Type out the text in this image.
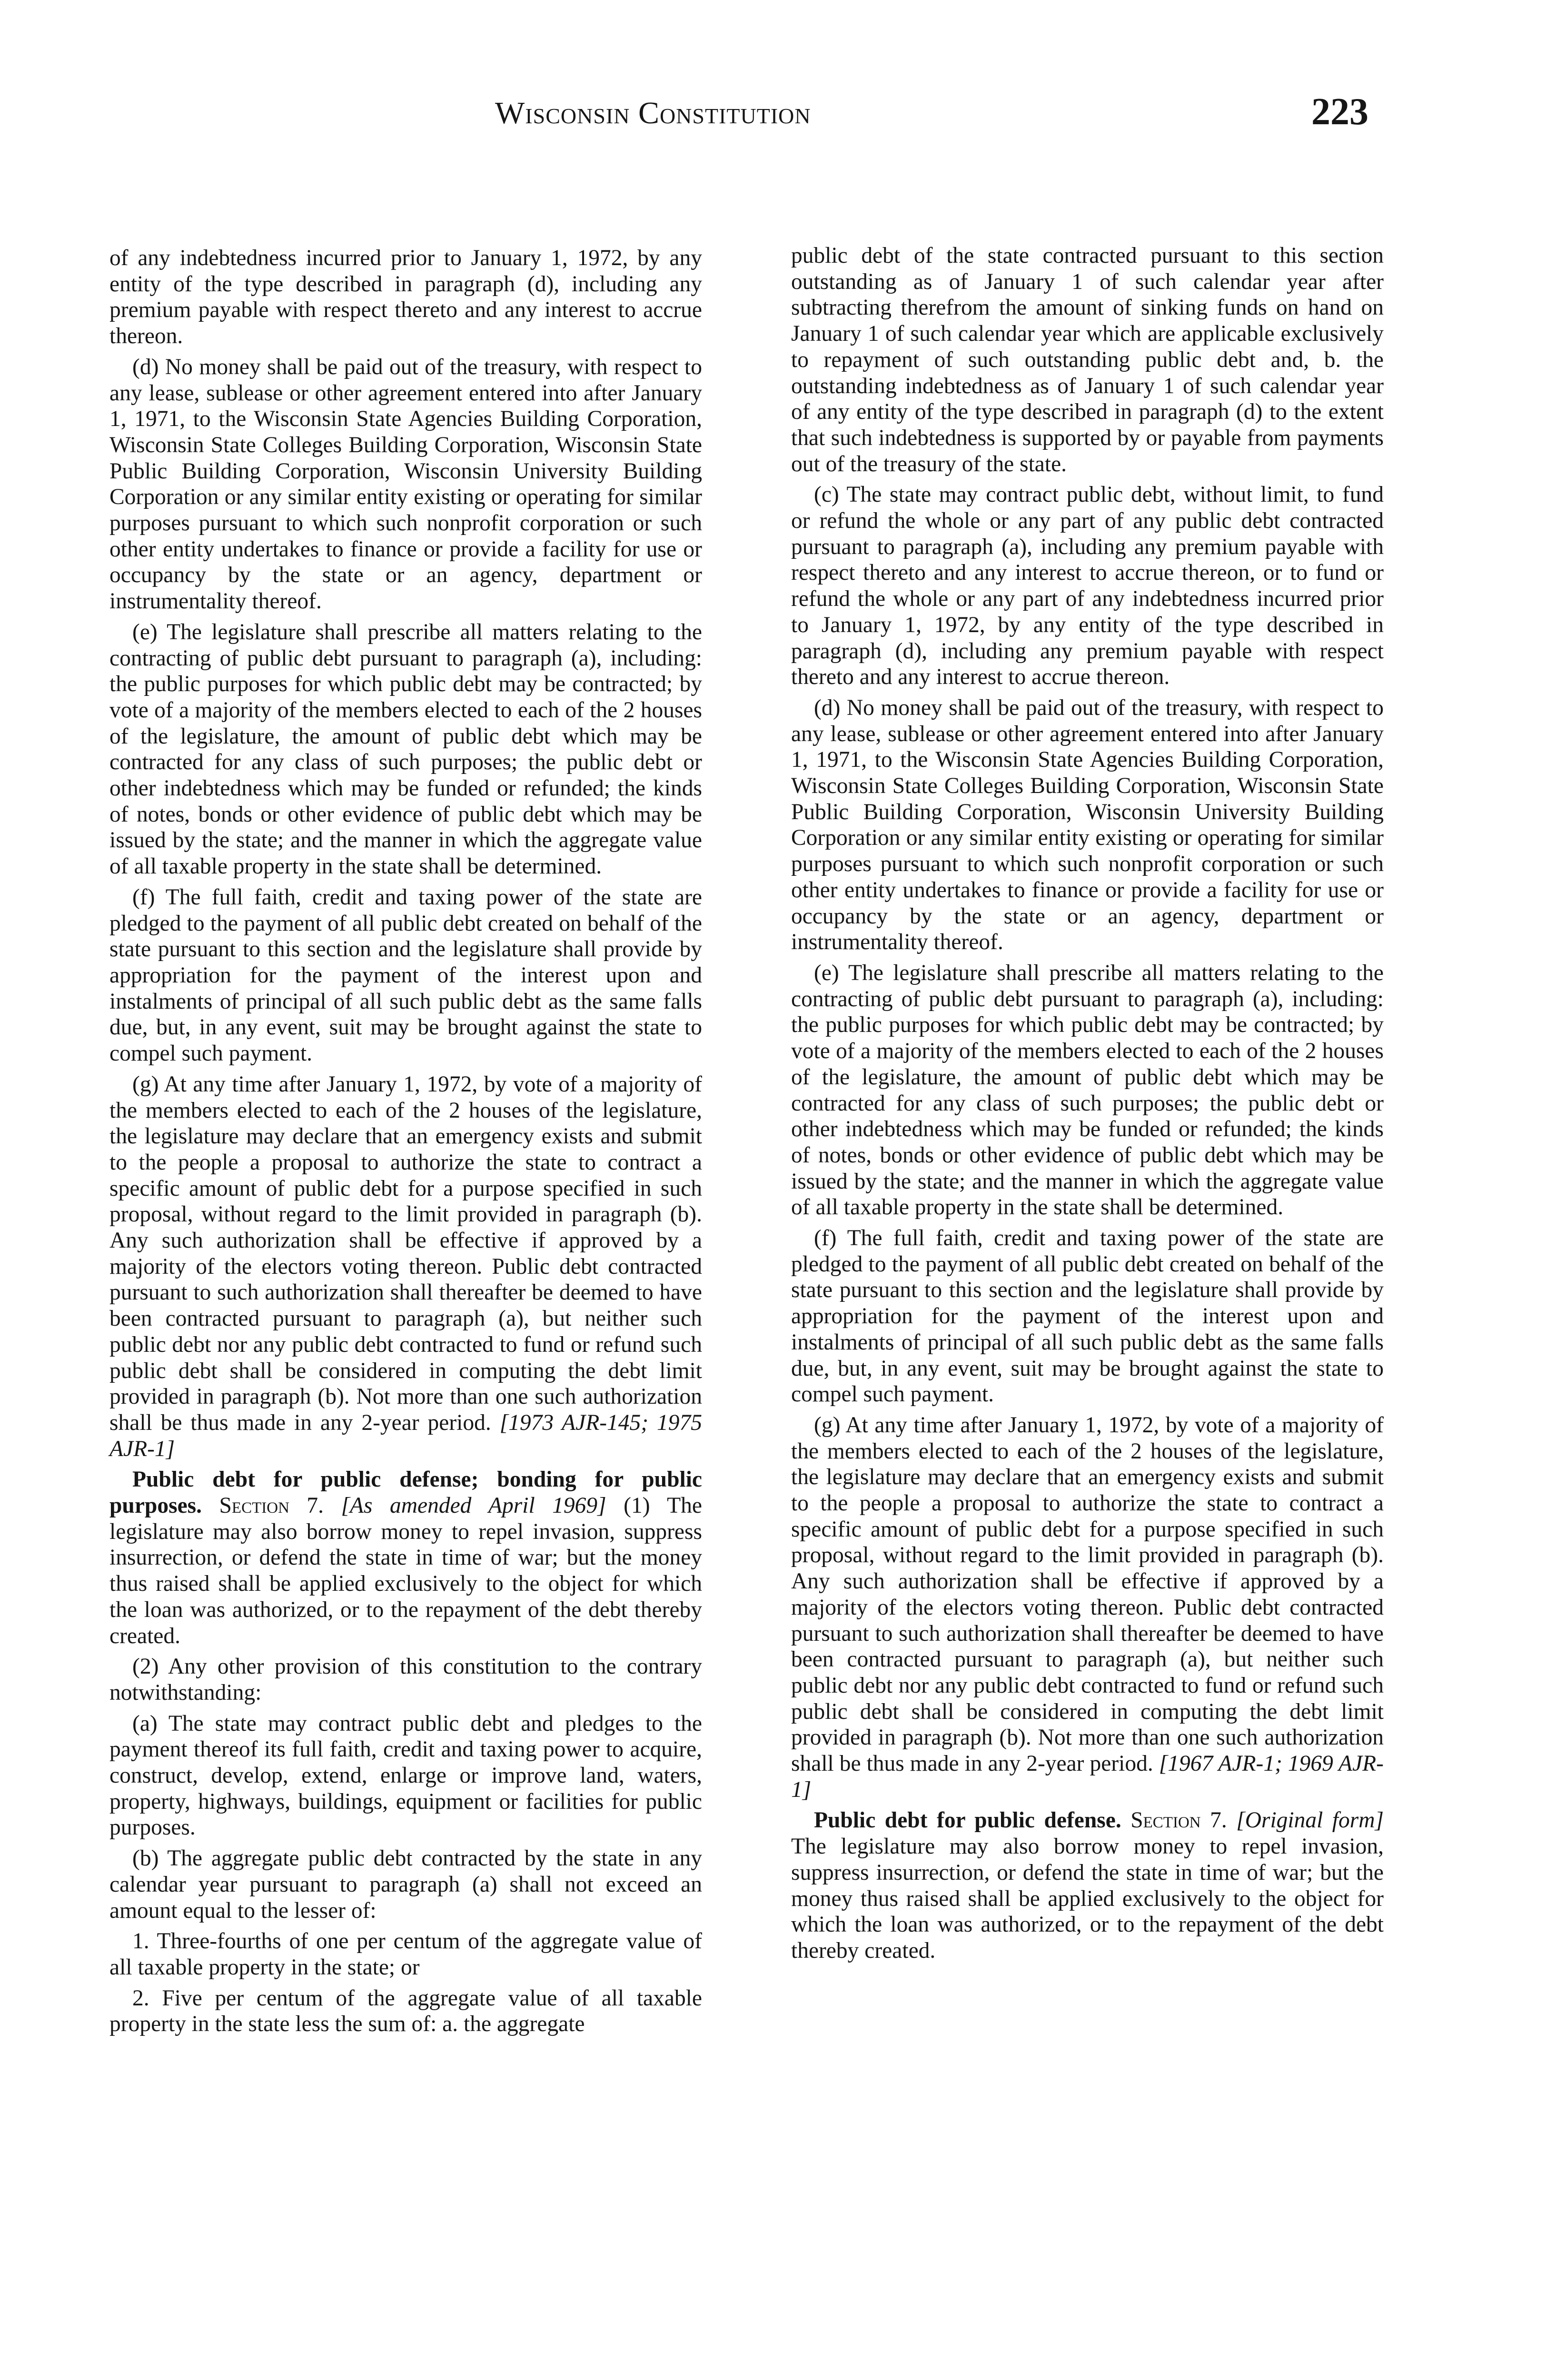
Wisconsin Constitution	223

of any indebtedness incurred prior to January 1, 1972, by any entity of the type described in paragraph (d), including any premium payable with respect thereto and any interest to accrue thereon.

(d) No money shall be paid out of the treasury, with respect to any lease, sublease or other agreement entered into after January 1, 1971, to the Wisconsin State Agencies Building Corporation, Wisconsin State Colleges Building Corporation, Wisconsin State Public Building Corporation, Wisconsin University Building Corporation or any similar entity existing or operating for similar purposes pursuant to which such nonprofit corporation or such other entity undertakes to finance or provide a facility for use or occupancy by the state or an agency, department or instrumentality thereof.

(e) The legislature shall prescribe all matters relating to the contracting of public debt pursuant to paragraph (a), including: the public purposes for which public debt may be contracted; by vote of a majority of the members elected to each of the 2 houses of the legislature, the amount of public debt which may be contracted for any class of such purposes; the public debt or other indebtedness which may be funded or refunded; the kinds of notes, bonds or other evidence of public debt which may be issued by the state; and the manner in which the aggregate value of all taxable property in the state shall be determined.

(f) The full faith, credit and taxing power of the state are pledged to the payment of all public debt created on behalf of the state pursuant to this section and the legislature shall provide by appropriation for the payment of the interest upon and instalments of principal of all such public debt as the same falls due, but, in any event, suit may be brought against the state to compel such payment.

(g) At any time after January 1, 1972, by vote of a majority of the members elected to each of the 2 houses of the legislature, the legislature may declare that an emergency exists and submit to the people a proposal to authorize the state to contract a specific amount of public debt for a purpose specified in such proposal, without regard to the limit provided in paragraph (b). Any such authorization shall be effective if approved by a majority of the electors voting thereon. Public debt contracted pursuant to such authorization shall thereafter be deemed to have been contracted pursuant to paragraph (a), but neither such public debt nor any public debt contracted to fund or refund such public debt shall be considered in computing the debt limit provided in paragraph (b). Not more than one such authorization shall be thus made in any 2-year period. [1973 AJR-145; 1975 AJR-1]

Public debt for public defense; bonding for public purposes. Section 7. [As amended April 1969] (1) The legislature may also borrow money to repel invasion, suppress insurrection, or defend the state in time of war; but the money thus raised shall be applied exclusively to the object for which the loan was authorized, or to the repayment of the debt thereby created.

(2) Any other provision of this constitution to the contrary notwithstanding:

(a) The state may contract public debt and pledges to the payment thereof its full faith, credit and taxing power to acquire, construct, develop, extend, enlarge or improve land, waters, property, highways, buildings, equipment or facilities for public purposes.

(b) The aggregate public debt contracted by the state in any calendar year pursuant to paragraph (a) shall not exceed an amount equal to the lesser of:

1. Three-fourths of one per centum of the aggregate value of all taxable property in the state; or

2. Five per centum of the aggregate value of all taxable property in the state less the sum of: a. the aggregate

public debt of the state contracted pursuant to this section outstanding as of January 1 of such calendar year after subtracting therefrom the amount of sinking funds on hand on January 1 of such calendar year which are applicable exclusively to repayment of such outstanding public debt and, b. the outstanding indebtedness as of January 1 of such calendar year of any entity of the type described in paragraph (d) to the extent that such indebtedness is supported by or payable from payments out of the treasury of the state.

(c) The state may contract public debt, without limit, to fund or refund the whole or any part of any public debt contracted pursuant to paragraph (a), including any premium payable with respect thereto and any interest to accrue thereon, or to fund or refund the whole or any part of any indebtedness incurred prior to January 1, 1972, by any entity of the type described in paragraph (d), including any premium payable with respect thereto and any interest to accrue thereon.

(d) No money shall be paid out of the treasury, with respect to any lease, sublease or other agreement entered into after January 1, 1971, to the Wisconsin State Agencies Building Corporation, Wisconsin State Colleges Building Corporation, Wisconsin State Public Building Corporation, Wisconsin University Building Corporation or any similar entity existing or operating for similar purposes pursuant to which such nonprofit corporation or such other entity undertakes to finance or provide a facility for use or occupancy by the state or an agency, department or instrumentality thereof.

(e) The legislature shall prescribe all matters relating to the contracting of public debt pursuant to paragraph (a), including: the public purposes for which public debt may be contracted; by vote of a majority of the members elected to each of the 2 houses of the legislature, the amount of public debt which may be contracted for any class of such purposes; the public debt or other indebtedness which may be funded or refunded; the kinds of notes, bonds or other evidence of public debt which may be issued by the state; and the manner in which the aggregate value of all taxable property in the state shall be determined.

(f) The full faith, credit and taxing power of the state are pledged to the payment of all public debt created on behalf of the state pursuant to this section and the legislature shall provide by appropriation for the payment of the interest upon and instalments of principal of all such public debt as the same falls due, but, in any event, suit may be brought against the state to compel such payment.

(g) At any time after January 1, 1972, by vote of a majority of the members elected to each of the 2 houses of the legislature, the legislature may declare that an emergency exists and submit to the people a proposal to authorize the state to contract a specific amount of public debt for a purpose specified in such proposal, without regard to the limit provided in paragraph (b). Any such authorization shall be effective if approved by a majority of the electors voting thereon. Public debt contracted pursuant to such authorization shall thereafter be deemed to have been contracted pursuant to paragraph (a), but neither such public debt nor any public debt contracted to fund or refund such public debt shall be considered in computing the debt limit provided in paragraph (b). Not more than one such authorization shall be thus made in any 2-year period. [1967 AJR-1; 1969 AJR-1]

Public debt for public defense. Section 7. [Original form] The legislature may also borrow money to repel invasion, suppress insurrection, or defend the state in time of war; but the money thus raised shall be applied exclusively to the object for which the loan was authorized, or to the repayment of the debt thereby created.
